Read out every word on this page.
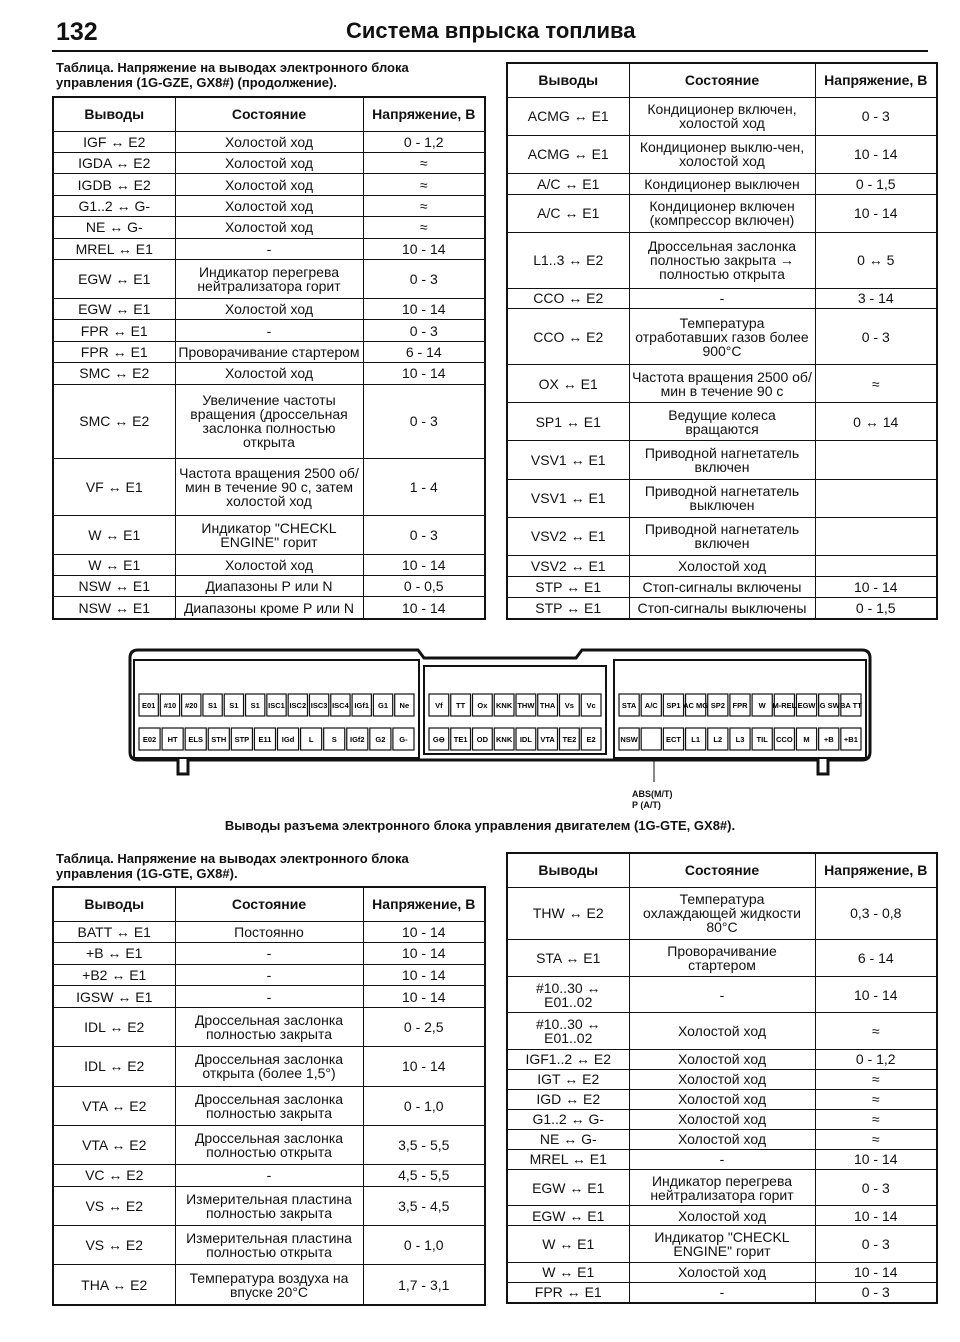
132	Система впрыска топлива
Таблица. Напряжение на выводах электронного блока управления (1G-GZE, GX8#) (продолжение).
Выводы	Состояние	Напряжение, В
IGF ↔ E2	Холостой ход	0 - 1,2
IGDA ↔ E2	Холостой ход	≈
IGDB ↔ E2	Холостой ход	≈
G1..2 ↔ G-	Холостой ход	≈
NE ↔ G-	Холостой ход	≈
MREL ↔ E1	-	10 - 14
EGW ↔ E1	Индикатор перегрева нейтрализатора горит	0 - 3
EGW ↔ E1	Холостой ход	10 - 14
FPR ↔ E1	-	0 - 3
FPR ↔ E1	Проворачивание стартером	6 - 14
SMC ↔ E2	Холостой ход	10 - 14
SMC ↔ E2	Увеличение частоты вращения (дроссельная заслонка полностью открыта	0 - 3
VF ↔ E1	Частота вращения 2500 об/мин в течение 90 с, затем холостой ход	1 - 4
W ↔ E1	Индикатор "CHECKL ENGINE" горит	0 - 3
W ↔ E1	Холостой ход	10 - 14
NSW ↔ E1	Диапазоны Р или N	0 - 0,5
NSW ↔ E1	Диапазоны кроме Р или N	10 - 14
Выводы	Состояние	Напряжение, В
ACMG ↔ E1	Кондиционер включен, холостой ход	0 - 3
ACMG ↔ E1	Кондиционер выклю-чен, холостой ход	10 - 14
A/C ↔ E1	Кондиционер выключен	0 - 1,5
A/C ↔ E1	Кондиционер включен (компрессор включен)	10 - 14
L1..3 ↔ E2	Дроссельная заслонка полностью закрыта → полностью открыта	0 ↔ 5
CCO ↔ E2	-	3 - 14
CCO ↔ E2	Температура отработавших газов более 900°С	0 - 3
OX ↔ E1	Частота вращения 2500 об/мин в течение 90 с	≈
SP1 ↔ E1	Ведущие колеса вращаются	0 ↔ 14
VSV1 ↔ E1	Приводной нагнетатель включен	
VSV1 ↔ E1	Приводной нагнетатель выключен	
VSV2 ↔ E1	Приводной нагнетатель включен	
VSV2 ↔ E1	Холостой ход	
STP ↔ E1	Стоп-сигналы включены	10 - 14
STP ↔ E1	Стоп-сигналы выключены	0 - 1,5
E01 #10 #20 S1 S1 S1 ISC1 ISC2 ISC3 ISC4 IGf1 G1 Ne
E02 HT ELS STH STP E11 IGd L S IGf2 G2 G-
Vf TT Ox KNK THW THA Vs Vc
G⊖ TE1 OD KNK IDL VTA TE2 E2
STA A/C SP1 AC MG SP2 FPR W M-REL EGW IG SW BA TT
NSW	ECT L1 L2 L3 TIL CCO M +B +B1
ABS(M/T)
P (A/T)
Выводы разъема электронного блока управления двигателем (1G-GTE, GX8#).
Таблица. Напряжение на выводах электронного блока управления (1G-GTE, GX8#).
Выводы	Состояние	Напряжение, В
BATT ↔ E1	Постоянно	10 - 14
+B ↔ E1	-	10 - 14
+B2 ↔ E1	-	10 - 14
IGSW ↔ E1	-	10 - 14
IDL ↔ E2	Дроссельная заслонка полностью закрыта	0 - 2,5
IDL ↔ E2	Дроссельная заслонка открыта (более 1,5°)	10 - 14
VTA ↔ E2	Дроссельная заслонка полностью закрыта	0 - 1,0
VTA ↔ E2	Дроссельная заслонка полностью открыта	3,5 - 5,5
VC ↔ E2	-	4,5 - 5,5
VS ↔ E2	Измерительная пластина полностью закрыта	3,5 - 4,5
VS ↔ E2	Измерительная пластина полностью открыта	0 - 1,0
THA ↔ E2	Температура воздуха на впуске 20°С	1,7 - 3,1
Выводы	Состояние	Напряжение, В
THW ↔ E2	Температура охлаждающей жидкости 80°С	0,3 - 0,8
STA ↔ E1	Проворачивание стартером	6 - 14
#10..30 ↔ E01..02	-	10 - 14
#10..30 ↔ E01..02	Холостой ход	≈
IGF1..2 ↔ E2	Холостой ход	0 - 1,2
IGT ↔ E2	Холостой ход	≈
IGD ↔ E2	Холостой ход	≈
G1..2 ↔ G-	Холостой ход	≈
NE ↔ G-	Холостой ход	≈
MREL ↔ E1	-	10 - 14
EGW ↔ E1	Индикатор перегрева нейтрализатора горит	0 - 3
EGW ↔ E1	Холостой ход	10 - 14
W ↔ E1	Индикатор "CHECKL ENGINE" горит	0 - 3
W ↔ E1	Холостой ход	10 - 14
FPR ↔ E1	-	0 - 3
